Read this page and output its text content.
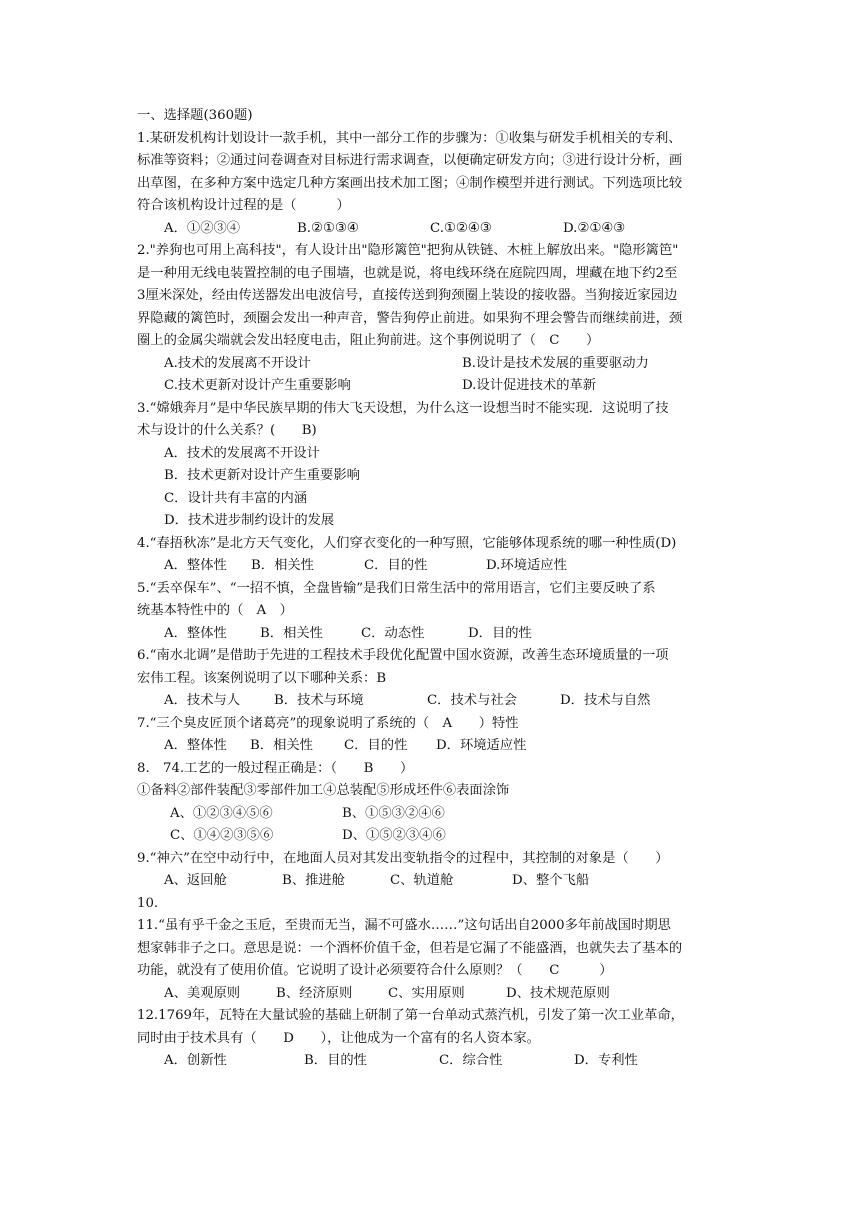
一、选择题(360题)
1.某研发机构计划设计一款手机，其中一部分工作的步骤为：①收集与研发手机相关的专利、
标准等资料；②通过问卷调查对目标进行需求调查，以便确定研发方向；③进行设计分析，画
出草图，在多种方案中选定几种方案画出技术加工图；④制作模型并进行测试。下列选项比较
符合该机构设计过程的是（　　　）
A．①②③④	B.②①③④	C.①②④③	D.②①④③
2."养狗也可用上高科技"，有人设计出"隐形篱笆"把狗从铁链、木桩上解放出来。"隐形篱笆"
是一种用无线电装置控制的电子围墙，也就是说，将电线环绕在庭院四周，埋藏在地下约2至
3厘米深处，经由传送器发出电波信号，直接传送到狗颈圈上装设的接收器。当狗接近家园边
界隐藏的篱笆时，颈圈会发出一种声音，警告狗停止前进。如果狗不理会警告而继续前进，颈
圈上的金属尖端就会发出轻度电击，阻止狗前进。这个事例说明了（　C　　）
A.技术的发展离不开设计	B.设计是技术发展的重要驱动力
C.技术更新对设计产生重要影响	D.设计促进技术的革新
3.“嫦娥奔月”是中华民族早期的伟大飞天设想，为什么这一设想当时不能实现．这说明了技
术与设计的什么关系？(　　B)
A．技术的发展离不开设计
B．技术更新对设计产生重要影响
C．设计共有丰富的内涵
D．技术进步制约设计的发展
4.“春捂秋冻”是北方天气变化，人们穿衣变化的一种写照，它能够体现系统的哪一种性质(D)
A．整体性	B．相关性	C．目的性	D.环境适应性
5.“丢卒保车”、“一招不慎，全盘皆输”是我们日常生活中的常用语言，它们主要反映了系
统基本特性中的（　A　）
A．整体性	B．相关性	C．动态性	D．目的性
6.“南水北调”是借助于先进的工程技术手段优化配置中国水资源，改善生态环境质量的一项
宏伟工程。该案例说明了以下哪种关系：B
A．技术与人	B．技术与环境	C．技术与社会	D．技术与自然
7.“三个臭皮匠顶个诸葛亮”的现象说明了系统的（　A　　）特性
A．整体性	B．相关性	C．目的性	D．环境适应性
8.　74.工艺的一般过程正确是：（　　B　　）
①备料②部件装配③零部件加工④总装配⑤形成坯件⑥表面涂饰
A、①②③④⑤⑥	B、①⑤③②④⑥
C、①④②③⑤⑥	D、①⑤②③④⑥
9.“神六”在空中动行中，在地面人员对其发出变轨指令的过程中，其控制的对象是（　　）
A、返回舱	B、推进舱	C、轨道舱	D、整个飞船
10.
11.“虽有乎千金之玉卮，至贵而无当，漏不可盛水……”这句话出自2000多年前战国时期思
想家韩非子之口。意思是说：一个酒杯价值千金，但若是它漏了不能盛酒，也就失去了基本的
功能，就没有了使用价值。它说明了设计必须要符合什么原则？（　　C　　　）
A、美观原则	B、经济原则	C、实用原则	D、技术规范原则
12.1769年，瓦特在大量试验的基础上研制了第一台单动式蒸汽机，引发了第一次工业革命，
同时由于技术具有（　　D　　），让他成为一个富有的名人资本家。
A．创新性	B．目的性	C．综合性	D．专利性
